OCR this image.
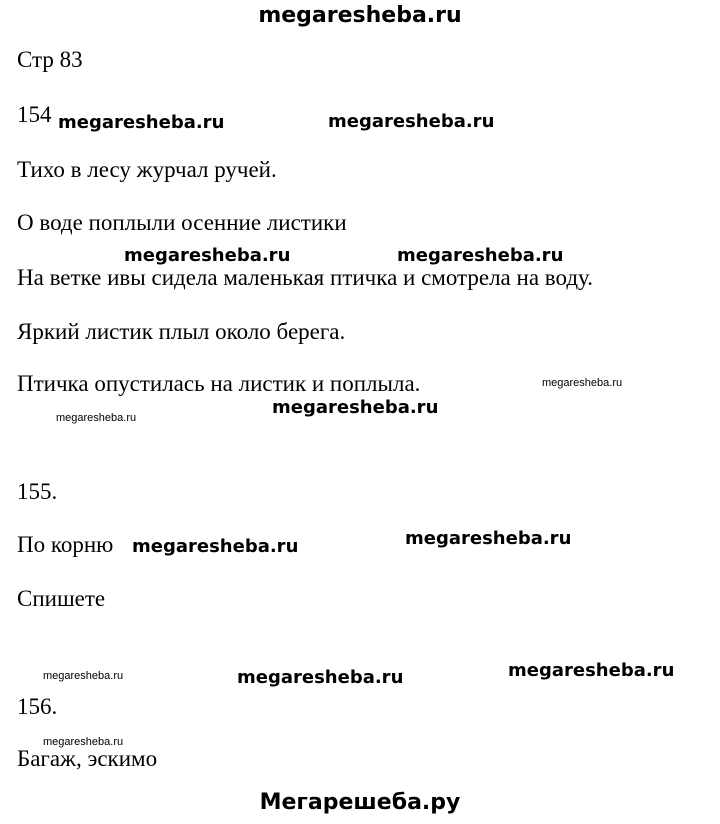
megaresheba.ru
Стр 83
154 megaresheba.ru	megaresheba.ru
Тихо в лесу журчал ручей.
О воде поплыли осенние листики
megaresheba.ru	megaresheba.ru
На ветке ивы сидела маленькая птичка и смотрела на воду.
Яркий листик плыл около берега.
Птичка опустилась на листик и поплыла.	megaresheba.ru
megaresheba.ru
megaresheba.ru
155.
megaresheba.ru
По корню megaresheba.ru
Спишете
megaresheba.ru
megaresheba.ru	megaresheba.ru
156.
megaresheba.ru
Багаж, эскимо
Мегарешеба.ру
